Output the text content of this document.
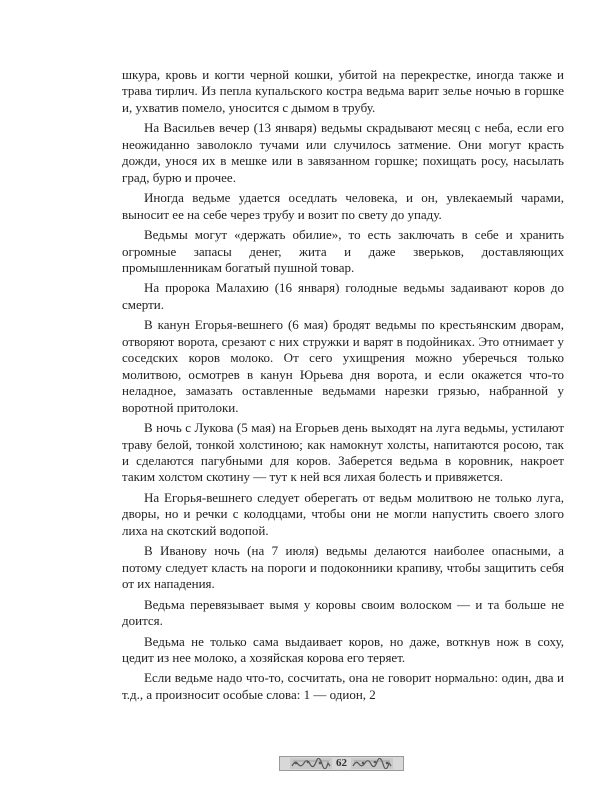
шкура, кровь и когти черной кошки, убитой на перекрестке, иногда также и трава тирлич. Из пепла купальского костра ведьма варит зелье ночью в горшке и, ухватив помело, уносится с дымом в трубу.

На Васильев вечер (13 января) ведьмы скрадывают месяц с неба, если его неожиданно заволокло тучами или случилось затмение. Они могут красть дожди, унося их в мешке или в завязанном горшке; похищать росу, насылать град, бурю и прочее.

Иногда ведьме удается оседлать человека, и он, увлекаемый чарами, выносит ее на себе через трубу и возит по свету до упаду.

Ведьмы могут «держать обилие», то есть заключать в себе и хранить огромные запасы денег, жита и даже зверьков, доставляющих промышленникам богатый пушной товар.

На пророка Малахию (16 января) голодные ведьмы задаивают коров до смерти.

В канун Егорья-вешнего (6 мая) бродят ведьмы по крестьянским дворам, отворяют ворота, срезают с них стружки и варят в подойниках. Это отнимает у соседских коров молоко. От сего ухищрения можно уберечься только молитвою, осмотрев в канун Юрьева дня ворота, и если окажется что-то неладное, замазать оставленные ведьмами нарезки грязью, набранной у воротной притолоки.

В ночь с Лукова (5 мая) на Егорьев день выходят на луга ведьмы, устилают траву белой, тонкой холстиною; как намокнут холсты, напитаются росою, так и сделаются пагубными для коров. Заберется ведьма в коровник, накроет таким холстом скотину — тут к ней вся лихая болесть и привяжется.

На Егорья-вешнего следует оберегать от ведьм молитвою не только луга, дворы, но и речки с колодцами, чтобы они не могли напустить своего злого лиха на скотский водопой.

В Иванову ночь (на 7 июля) ведьмы делаются наиболее опасными, а потому следует класть на пороги и подоконники крапиву, чтобы защитить себя от их нападения.

Ведьма перевязывает вымя у коровы своим волоском — и та больше не доится.

Ведьма не только сама выдаивает коров, но даже, воткнув нож в соху, цедит из нее молоко, а хозяйская корова его теряет.

Если ведьме надо что-то, сосчитать, она не говорит нормально: один, два и т.д., а произносит особые слова: 1 — одион, 2

62
